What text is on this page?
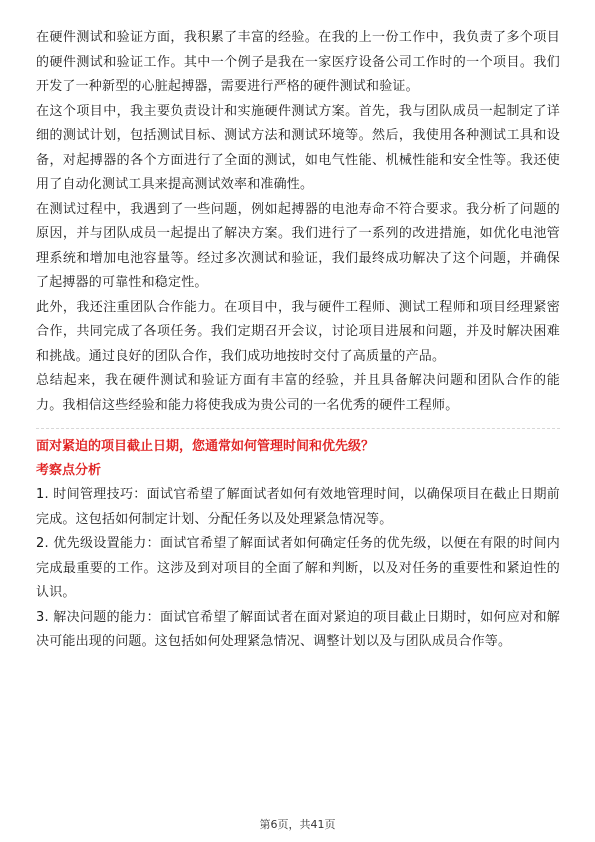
在硬件测试和验证方面，我积累了丰富的经验。在我的上一份工作中，我负责了多个项目的硬件测试和验证工作。其中一个例子是我在一家医疗设备公司工作时的一个项目。我们开发了一种新型的心脏起搏器，需要进行严格的硬件测试和验证。

在这个项目中，我主要负责设计和实施硬件测试方案。首先，我与团队成员一起制定了详细的测试计划，包括测试目标、测试方法和测试环境等。然后，我使用各种测试工具和设备，对起搏器的各个方面进行了全面的测试，如电气性能、机械性能和安全性等。我还使用了自动化测试工具来提高测试效率和准确性。

在测试过程中，我遇到了一些问题，例如起搏器的电池寿命不符合要求。我分析了问题的原因，并与团队成员一起提出了解决方案。我们进行了一系列的改进措施，如优化电池管理系统和增加电池容量等。经过多次测试和验证，我们最终成功解决了这个问题，并确保了起搏器的可靠性和稳定性。

此外，我还注重团队合作能力。在项目中，我与硬件工程师、测试工程师和项目经理紧密合作，共同完成了各项任务。我们定期召开会议，讨论项目进展和问题，并及时解决困难和挑战。通过良好的团队合作，我们成功地按时交付了高质量的产品。

总结起来，我在硬件测试和验证方面有丰富的经验，并且具备解决问题和团队合作的能力。我相信这些经验和能力将使我成为贵公司的一名优秀的硬件工程师。

面对紧迫的项目截止日期，您通常如何管理时间和优先级？

考察点分析

1. 时间管理技巧：面试官希望了解面试者如何有效地管理时间，以确保项目在截止日期前完成。这包括如何制定计划、分配任务以及处理紧急情况等。

2. 优先级设置能力：面试官希望了解面试者如何确定任务的优先级，以便在有限的时间内完成最重要的工作。这涉及到对项目的全面了解和判断，以及对任务的重要性和紧迫性的认识。

3. 解决问题的能力：面试官希望了解面试者在面对紧迫的项目截止日期时，如何应对和解决可能出现的问题。这包括如何处理紧急情况、调整计划以及与团队成员合作等。

第6页，共41页
